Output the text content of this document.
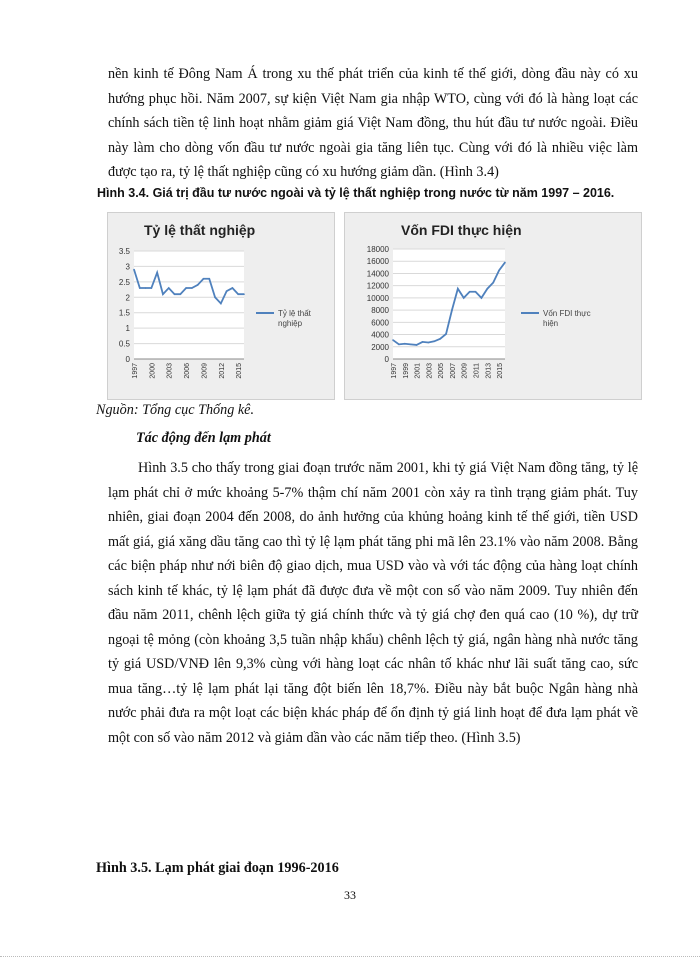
nền kinh tế Đông Nam Á trong xu thế phát triển của kinh tế thế giới, dòng đầu này có xu hướng phục hồi. Năm 2007, sự kiện Việt Nam gia nhập WTO, cùng với đó là hàng loạt các chính sách tiền tệ linh hoạt nhằm giảm giá Việt Nam đồng, thu hút đầu tư nước ngoài. Điều này làm cho dòng vốn đầu tư nước ngoài gia tăng liên tục. Cùng với đó là nhiều việc làm được tạo ra, tỷ lệ thất nghiệp cũng có xu hướng giảm dần. (Hình 3.4)

Hình 3.4. Giá trị đầu tư nước ngoài và tỷ lệ thất nghiệp trong nước từ năm 1997 – 2016.
Tỷ lệ thất nghiệp
0
0.5
1
1.5
2
2.5
3
3.5
1997 2000 2003 2006 2009 2012 2015
Tỷ lệ thất nghiệp
Vốn FDI thực hiện
0
2000
4000
6000
8000
10000
12000
14000
16000
18000
1997 1999 2001 2003 2005 2007 2009 2011 2013 2015
Vốn FDI thực hiện
Nguồn: Tổng cục Thống kê.
Tác động đến lạm phát

Hình 3.5 cho thấy trong giai đoạn trước năm 2001, khi tỷ giá Việt Nam đồng tăng, tỷ lệ lạm phát chỉ ở mức khoảng 5-7% thậm chí năm 2001 còn xảy ra tình trạng giảm phát. Tuy nhiên, giai đoạn 2004 đến 2008, do ảnh hưởng của khủng hoảng kinh tế thế giới, tiền USD mất giá, giá xăng dầu tăng cao thì tỷ lệ lạm phát tăng phi mã lên 23.1% vào năm 2008. Bằng các biện pháp như nới biên độ giao dịch, mua USD vào và với tác động của hàng loạt chính sách kinh tế khác, tỷ lệ lạm phát đã được đưa về một con số vào năm 2009. Tuy nhiên đến đầu năm 2011, chênh lệch giữa tỷ giá chính thức và tỷ giá chợ đen quá cao (10 %), dự trữ ngoại tệ mỏng (còn khoảng 3,5 tuần nhập khẩu) chênh lệch tỷ giá, ngân hàng nhà nước tăng tỷ giá USD/VNĐ lên 9,3% cùng với hàng loạt các nhân tố khác như lãi suất tăng cao, sức mua tăng…tỷ lệ lạm phát lại tăng đột biến lên 18,7%. Điều này bắt buộc Ngân hàng nhà nước phải đưa ra một loạt các biện khác pháp để ổn định tỷ giá linh hoạt để đưa lạm phát về một con số vào năm 2012 và giảm dần vào các năm tiếp theo. (Hình 3.5)

Hình 3.5. Lạm phát giai đoạn 1996-2016
33
